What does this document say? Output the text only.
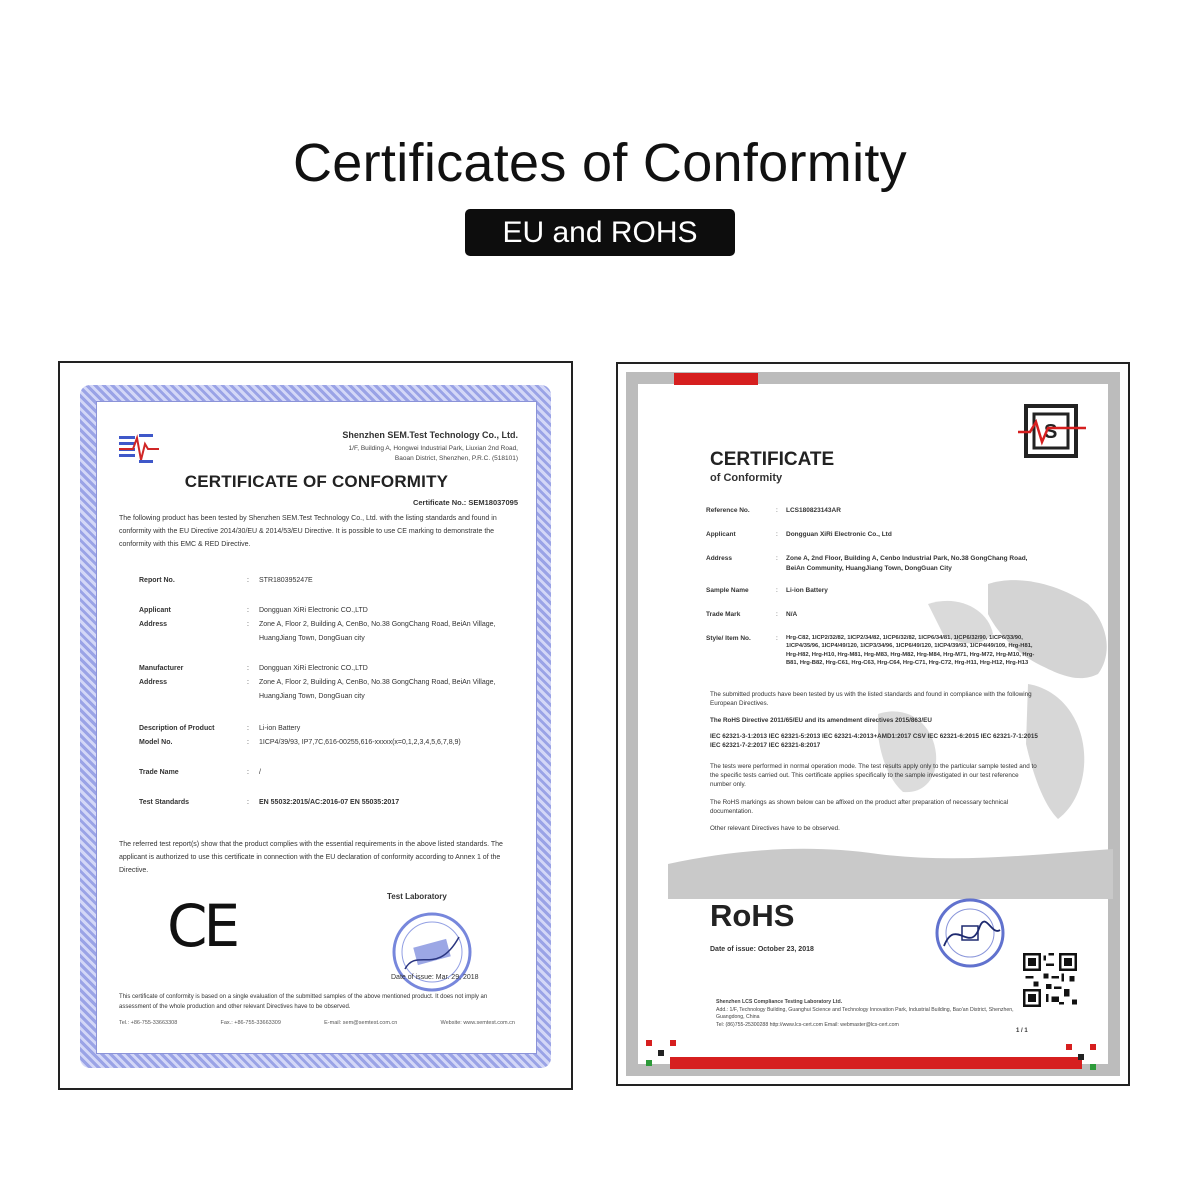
Certificates of Conformity
EU and ROHS
Shenzhen SEM.Test Technology Co., Ltd.
1/F, Building A, Hongwei Industrial Park, Liuxian 2nd Road,
Baoan District, Shenzhen, P.R.C. (518101)
CERTIFICATE OF CONFORMITY
Certificate No.: SEM18037095
The following product has been tested by Shenzhen SEM.Test Technology Co., Ltd. with the listing standards and found in conformity with the EU Directive 2014/30/EU & 2014/53/EU Directive. It is possible to use CE marking to demonstrate the conformity with this EMC & RED Directive.
Report No.	: STR180395247E
Applicant	: Dongguan XiRi Electronic CO.,LTD
Address	: Zone A, Floor 2, Building A, CenBo, No.38 GongChang Road, BeiAn Village, HuangJiang Town, DongGuan city
Manufacturer	: Dongguan XiRi Electronic CO.,LTD
Address	: Zone A, Floor 2, Building A, CenBo, No.38 GongChang Road, BeiAn Village, HuangJiang Town, DongGuan city
Description of Product	: Li-ion Battery
Model No.	: 1ICP4/39/93, IP7,7C,616-00255,616-xxxxx(x=0,1,2,3,4,5,6,7,8,9)
Trade Name	: /
Test Standards	: EN 55032:2015/AC:2016-07 EN 55035:2017
The referred test report(s) show that the product complies with the essential requirements in the above listed standards. The applicant is authorized to use this certificate in connection with the EU declaration of conformity according to Annex 1 of the Directive.
CE	Test Laboratory
Date of issue: Mar. 29, 2018
This certificate of conformity is based on a single evaluation of the submitted samples of the above mentioned product. It does not imply an assessment of the whole production and other relevant Directives have to be observed.
Tel.: +86-755-33663308	Fax.: +86-755-33663309	E-mail: sem@semtest.com.cn	Website: www.semtest.com.cn
S
CERTIFICATE
of Conformity
Reference No.	: LCS180823143AR
Applicant	: Dongguan XiRi Electronic Co., Ltd
Address	: Zone A, 2nd Floor, Building A, Cenbo Industrial Park, No.38 GongChang Road, BeiAn Community, HuangJiang Town, DongGuan City
Sample Name	: Li-ion Battery
Trade Mark	: N/A
Style/ Item No.	: Hrg-C82, 1ICP2/32/82, 1ICP2/34/82, 1ICP6/32/82, 1ICP6/34/81, 1ICP6/32/90, 1ICP6/33/90, 1ICP4/35/96, 1ICP4/49/120, 1ICP3/34/96, 1ICP6/49/120, 1ICP4/39/93, 1ICP4/49/109, Hrg-H81, Hrg-H82, Hrg-H10, Hrg-M81, Hrg-M83, Hrg-M82, Hrg-M84, Hrg-M71, Hrg-M72, Hrg-M10, Hrg-B81, Hrg-B82, Hrg-C61, Hrg-C63, Hrg-C64, Hrg-C71, Hrg-C72, Hrg-H11, Hrg-H12, Hrg-H13
The submitted products have been tested by us with the listed standards and found in compliance with the following European Directives.
The RoHS Directive 2011/65/EU and its amendment directives 2015/863/EU
IEC 62321-3-1:2013 IEC 62321-5:2013 IEC 62321-4:2013+AMD1:2017 CSV IEC 62321-6:2015 IEC 62321-7-1:2015 IEC 62321-7-2:2017 IEC 62321-8:2017
The tests were performed in normal operation mode. The test results apply only to the particular sample tested and to the specific tests carried out. This certificate applies specifically to the sample investigated in our test reference number only.
The RoHS markings as shown below can be affixed on the product after preparation of necessary technical documentation.
Other relevant Directives have to be observed.
RoHS
Date of issue: October 23, 2018
Shenzhen LCS Compliance Testing Laboratory Ltd.
Add.: 1/F, Technology Building, Guanghui Science and Technology Innovation Park, Industrial Building, Bao'an District, Shenzhen, Guangdong, China
Tel: (86)755-25300288 http://www.lcs-cert.com Email: webmaster@lcs-cert.com
1 / 1
